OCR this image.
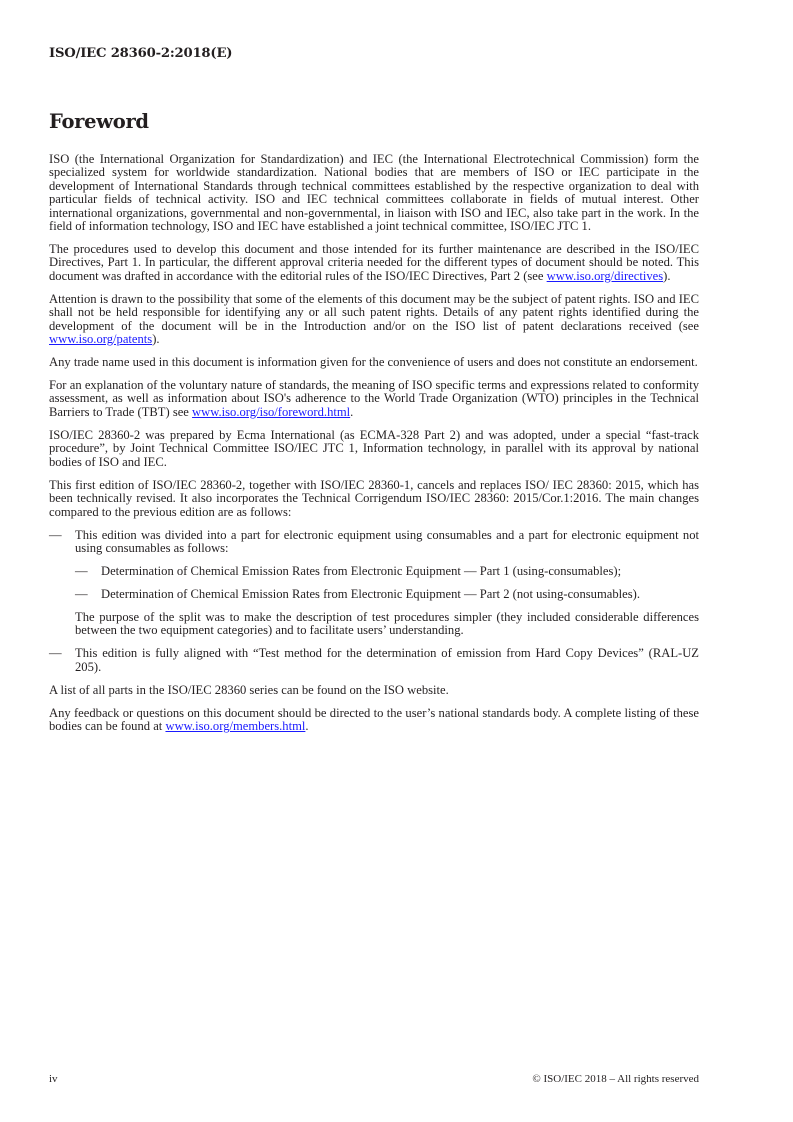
ISO/IEC 28360-2:2018(E)
Foreword

ISO (the International Organization for Standardization) and IEC (the International Electrotechnical Commission) form the specialized system for worldwide standardization. National bodies that are members of ISO or IEC participate in the development of International Standards through technical committees established by the respective organization to deal with particular fields of technical activity. ISO and IEC technical committees collaborate in fields of mutual interest. Other international organizations, governmental and non-governmental, in liaison with ISO and IEC, also take part in the work. In the field of information technology, ISO and IEC have established a joint technical committee, ISO/IEC JTC 1.

The procedures used to develop this document and those intended for its further maintenance are described in the ISO/IEC Directives, Part 1. In particular, the different approval criteria needed for the different types of document should be noted. This document was drafted in accordance with the editorial rules of the ISO/IEC Directives, Part 2 (see www.iso.org/directives).

Attention is drawn to the possibility that some of the elements of this document may be the subject of patent rights. ISO and IEC shall not be held responsible for identifying any or all such patent rights. Details of any patent rights identified during the development of the document will be in the Introduction and/or on the ISO list of patent declarations received (see www.iso.org/patents).

Any trade name used in this document is information given for the convenience of users and does not constitute an endorsement.

For an explanation of the voluntary nature of standards, the meaning of ISO specific terms and expressions related to conformity assessment, as well as information about ISO's adherence to the World Trade Organization (WTO) principles in the Technical Barriers to Trade (TBT) see www.iso.org/iso/foreword.html.

ISO/IEC 28360-2 was prepared by Ecma International (as ECMA-328 Part 2) and was adopted, under a special “fast-track procedure”, by Joint Technical Committee ISO/IEC JTC 1, Information technology, in parallel with its approval by national bodies of ISO and IEC.

This first edition of ISO/IEC 28360-2, together with ISO/IEC 28360-1, cancels and replaces ISO/ IEC 28360: 2015, which has been technically revised. It also incorporates the Technical Corrigendum ISO/IEC 28360: 2015/Cor.1:2016. The main changes compared to the previous edition are as follows:

— This edition was divided into a part for electronic equipment using consumables and a part for electronic equipment not using consumables as follows:
— Determination of Chemical Emission Rates from Electronic Equipment — Part 1 (using-consumables);
— Determination of Chemical Emission Rates from Electronic Equipment — Part 2 (not using-consumables).
The purpose of the split was to make the description of test procedures simpler (they included considerable differences between the two equipment categories) and to facilitate users’ understanding.
— This edition is fully aligned with “Test method for the determination of emission from Hard Copy Devices” (RAL-UZ 205).

A list of all parts in the ISO/IEC 28360 series can be found on the ISO website.

Any feedback or questions on this document should be directed to the user’s national standards body. A complete listing of these bodies can be found at www.iso.org/members.html.

iv	© ISO/IEC 2018 – All rights reserved
